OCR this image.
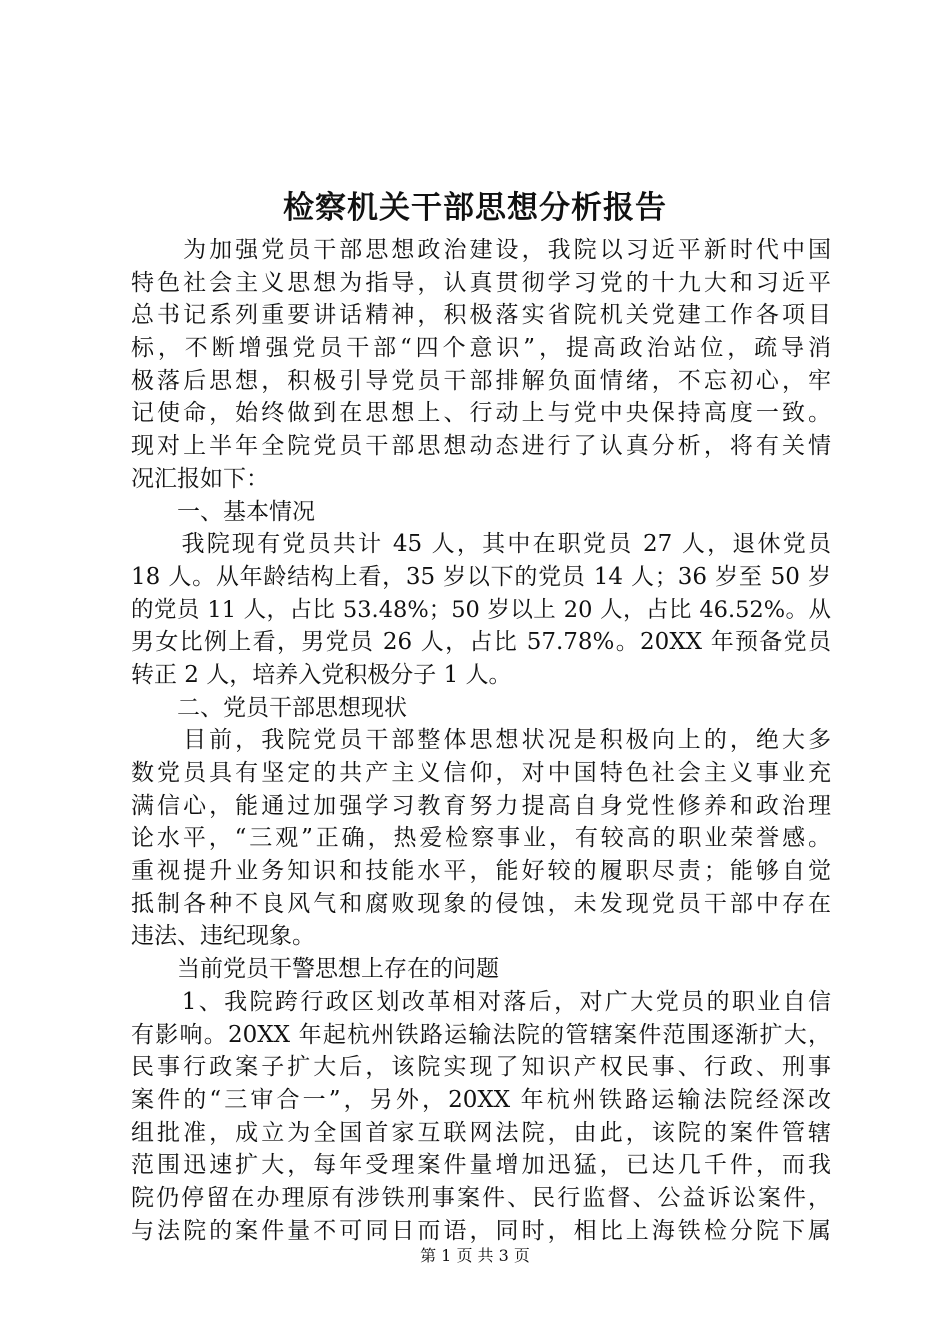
检察机关干部思想分析报告
　　为加强党员干部思想政治建设，我院以习近平新时代中国
特色社会主义思想为指导，认真贯彻学习党的十九大和习近平
总书记系列重要讲话精神，积极落实省院机关党建工作各项目
标，不断增强党员干部“四个意识”，提高政治站位，疏导消
极落后思想，积极引导党员干部排解负面情绪，不忘初心，牢
记使命，始终做到在思想上、行动上与党中央保持高度一致。
现对上半年全院党员干部思想动态进行了认真分析，将有关情
况汇报如下：
　　一、基本情况
　　我院现有党员共计 45 人，其中在职党员 27 人，退休党员
18 人。从年龄结构上看，35 岁以下的党员 14 人；36 岁至 50 岁
的党员 11 人，占比 53.48%；50 岁以上 20 人，占比 46.52%。从
男女比例上看，男党员 26 人，占比 57.78%。20XX 年预备党员
转正 2 人，培养入党积极分子 1 人。
　　二、党员干部思想现状
　　目前，我院党员干部整体思想状况是积极向上的，绝大多
数党员具有坚定的共产主义信仰，对中国特色社会主义事业充
满信心，能通过加强学习教育努力提高自身党性修养和政治理
论水平，“三观”正确，热爱检察事业，有较高的职业荣誉感。
重视提升业务知识和技能水平，能好较的履职尽责；能够自觉
抵制各种不良风气和腐败现象的侵蚀，未发现党员干部中存在
违法、违纪现象。
　　当前党员干警思想上存在的问题
　　1、我院跨行政区划改革相对落后，对广大党员的职业自信
有影响。20XX 年起杭州铁路运输法院的管辖案件范围逐渐扩大，
民事行政案子扩大后，该院实现了知识产权民事、行政、刑事
案件的“三审合一”，另外，20XX 年杭州铁路运输法院经深改
组批准，成立为全国首家互联网法院，由此，该院的案件管辖
范围迅速扩大，每年受理案件量增加迅猛，已达几千件，而我
院仍停留在办理原有涉铁刑事案件、民行监督、公益诉讼案件，
与法院的案件量不可同日而语，同时，相比上海铁检分院下属
第 1 页 共 3 页
